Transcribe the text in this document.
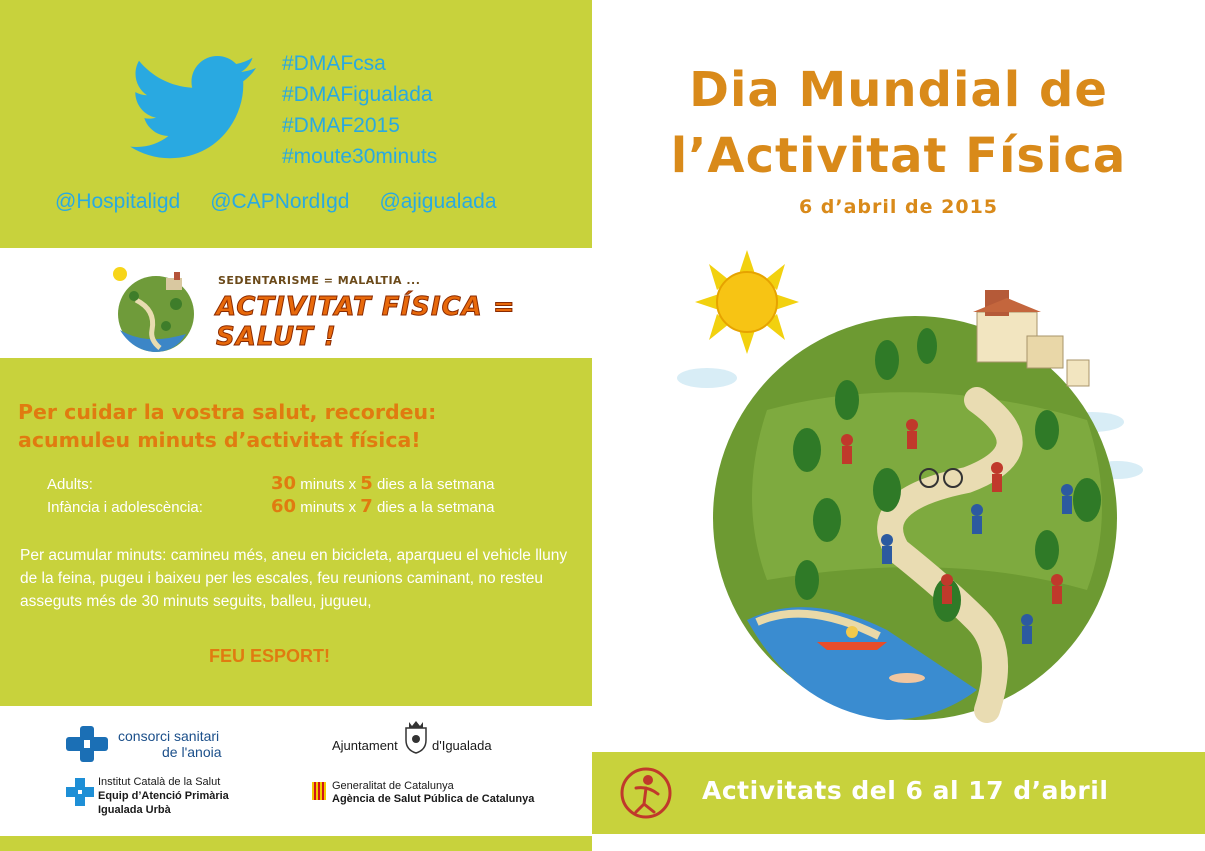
#DMAFcsa
#DMAFigualada
#DMAF2015
#moute30minuts
@Hospitaligd @CAPNordIgd @ajigualada
SEDENTARISME = MALALTIA ...
ACTIVITAT FÍSICA = SALUT !
Per cuidar la vostra salut, recordeu:
acumuleu minuts d’activitat física!
Adults:	30 minuts x 5 dies a la setmana
Infància i adolescència:	60 minuts x 7 dies a la setmana
Per acumular minuts: camineu més, aneu en bicicleta, aparqueu el vehicle lluny de la feina, pugeu i baixeu per les escales, feu reunions caminant, no resteu asseguts més de 30 minuts seguits, balleu, jugueu,
FEU ESPORT!
consorci sanitari
de l'anoia	Ajuntament	d'Igualada
Institut Català de la Salut
Equip d’Atenció Primària
Igualada Urbà
Generalitat de Catalunya
Agència de Salut Pública de Catalunya
Dia Mundial de
l’Activitat Física
6 d’abril de 2015
Activitats del 6 al 17 d’abril
